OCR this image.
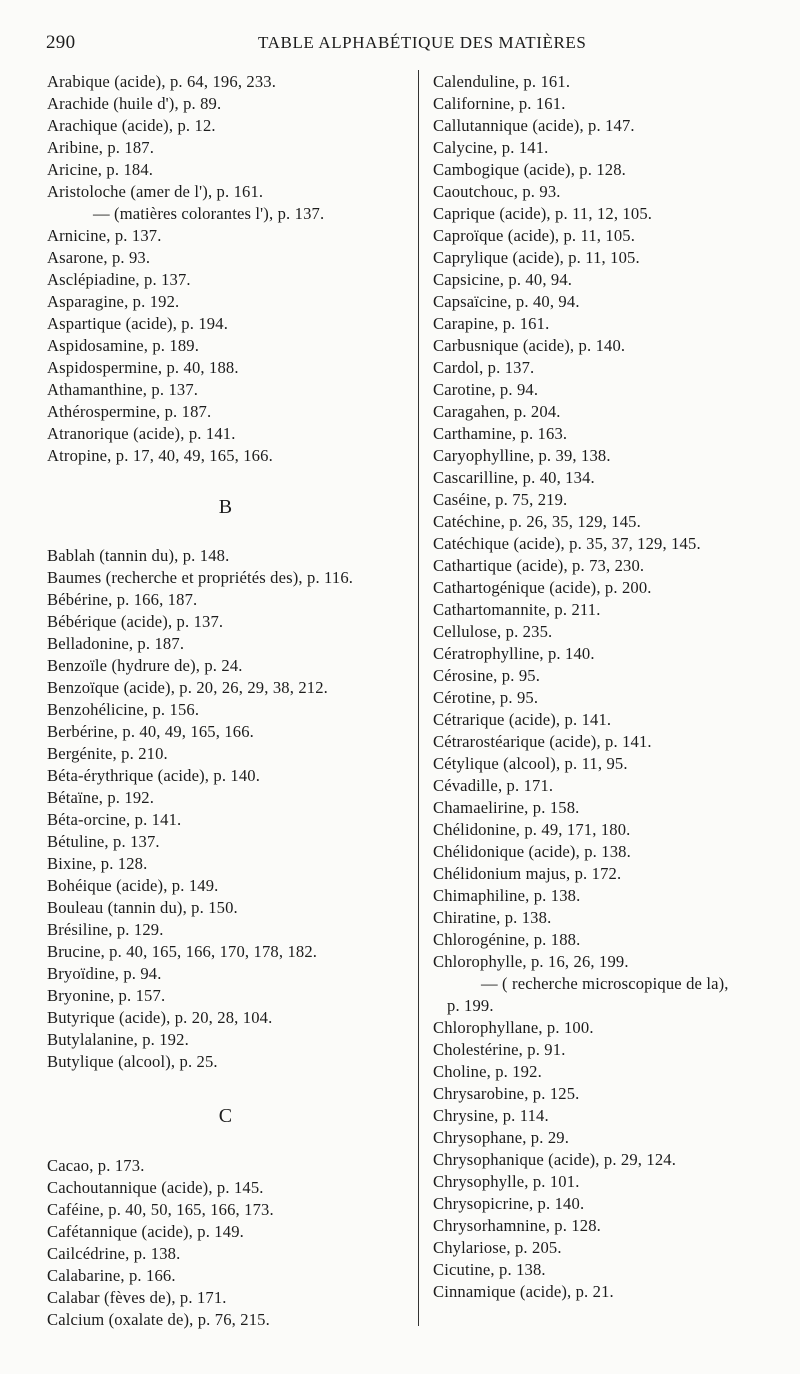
290	TABLE ALPHABÉTIQUE DES MATIÈRES
Arabique (acide), p. 64, 196, 233.
Arachide (huile d'), p. 89.
Arachique (acide), p. 12.
Aribine, p. 187.
Aricine, p. 184.
Aristoloche (amer de l'), p. 161.
— (matières colorantes l'), p. 137.
Arnicine, p. 137.
Asarone, p. 93.
Asclépiadine, p. 137.
Asparagine, p. 192.
Aspartique (acide), p. 194.
Aspidosamine, p. 189.
Aspidospermine, p. 40, 188.
Athamanthine, p. 137.
Athérospermine, p. 187.
Atranorique (acide), p. 141.
Atropine, p. 17, 40, 49, 165, 166.
B
Bablah (tannin du), p. 148.
Baumes (recherche et propriétés des), p. 116.
Bébérine, p. 166, 187.
Bébérique (acide), p. 137.
Belladonine, p. 187.
Benzoïle (hydrure de), p. 24.
Benzoïque (acide), p. 20, 26, 29, 38, 212.
Benzohélicine, p. 156.
Berbérine, p. 40, 49, 165, 166.
Bergénite, p. 210.
Béta-érythrique (acide), p. 140.
Bétaïne, p. 192.
Béta-orcine, p. 141.
Bétuline, p. 137.
Bixine, p. 128.
Bohéique (acide), p. 149.
Bouleau (tannin du), p. 150.
Brésiline, p. 129.
Brucine, p. 40, 165, 166, 170, 178, 182.
Bryoïdine, p. 94.
Bryonine, p. 157.
Butyrique (acide), p. 20, 28, 104.
Butylalanine, p. 192.
Butylique (alcool), p. 25.
C
Cacao, p. 173.
Cachoutannique (acide), p. 145.
Caféine, p. 40, 50, 165, 166, 173.
Cafétannique (acide), p. 149.
Cailcédrine, p. 138.
Calabarine, p. 166.
Calabar (fèves de), p. 171.
Calcium (oxalate de), p. 76, 215.
Calenduline, p. 161.
Californine, p. 161.
Callutannique (acide), p. 147.
Calycine, p. 141.
Cambogique (acide), p. 128.
Caoutchouc, p. 93.
Caprique (acide), p. 11, 12, 105.
Caproïque (acide), p. 11, 105.
Caprylique (acide), p. 11, 105.
Capsicine, p. 40, 94.
Capsaïcine, p. 40, 94.
Carapine, p. 161.
Carbusnique (acide), p. 140.
Cardol, p. 137.
Carotine, p. 94.
Caragahen, p. 204.
Carthamine, p. 163.
Caryophylline, p. 39, 138.
Cascarilline, p. 40, 134.
Caséine, p. 75, 219.
Catéchine, p. 26, 35, 129, 145.
Catéchique (acide), p. 35, 37, 129, 145.
Cathartique (acide), p. 73, 230.
Cathartogénique (acide), p. 200.
Cathartomannite, p. 211.
Cellulose, p. 235.
Cératrophylline, p. 140.
Cérosine, p. 95.
Cérotine, p. 95.
Cétrarique (acide), p. 141.
Cétrarostéarique (acide), p. 141.
Cétylique (alcool), p. 11, 95.
Cévadille, p. 171.
Chamaelirine, p. 158.
Chélidonine, p. 49, 171, 180.
Chélidonique (acide), p. 138.
Chélidonium majus, p. 172.
Chimaphiline, p. 138.
Chiratine, p. 138.
Chlorogénine, p. 188.
Chlorophylle, p. 16, 26, 199.
— ( recherche microscopique de la),
p. 199.
Chlorophyllane, p. 100.
Cholestérine, p. 91.
Choline, p. 192.
Chrysarobine, p. 125.
Chrysine, p. 114.
Chrysophane, p. 29.
Chrysophanique (acide), p. 29, 124.
Chrysophylle, p. 101.
Chrysopicrine, p. 140.
Chrysorhamnine, p. 128.
Chylariose, p. 205.
Cicutine, p. 138.
Cinnamique (acide), p. 21.
